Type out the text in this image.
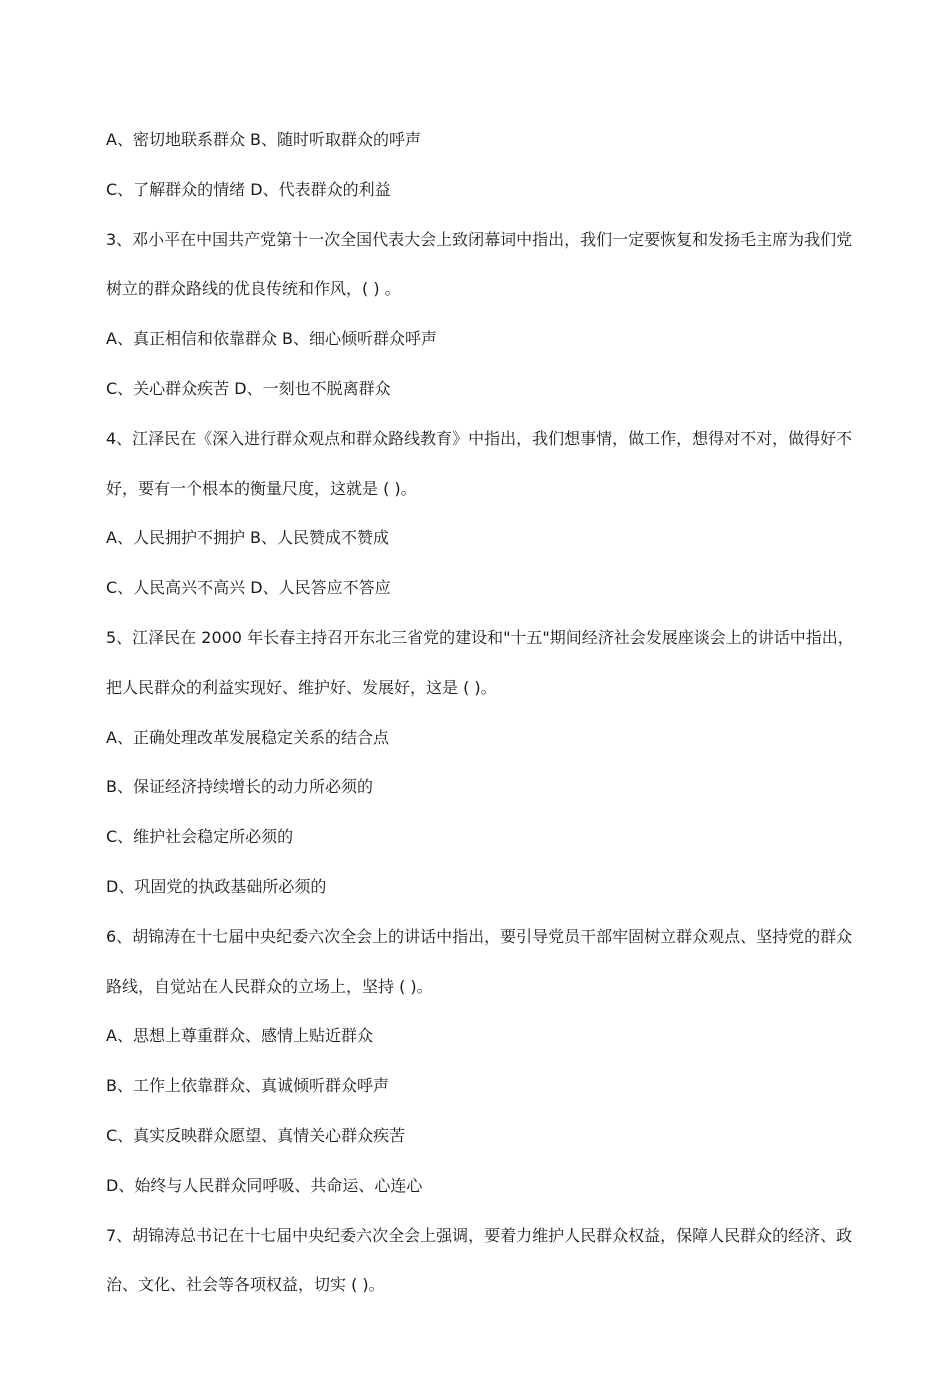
A、密切地联系群众 B、随时听取群众的呼声
C、了解群众的情绪 D、代表群众的利益
3、邓小平在中国共产党第十一次全国代表大会上致闭幕词中指出，我们一定要恢复和发扬毛主席为我们党
树立的群众路线的优良传统和作风，( ) 。
A、真正相信和依靠群众 B、细心倾听群众呼声
C、关心群众疾苦 D、一刻也不脱离群众
4、江泽民在《深入进行群众观点和群众路线教育》中指出，我们想事情，做工作，想得对不对，做得好不
好，要有一个根本的衡量尺度，这就是 ( )。
A、人民拥护不拥护 B、人民赞成不赞成
C、人民高兴不高兴 D、人民答应不答应
5、江泽民在 2000 年长春主持召开东北三省党的建设和"十五"期间经济社会发展座谈会上的讲话中指出，
把人民群众的利益实现好、维护好、发展好，这是 ( )。
A、正确处理改革发展稳定关系的结合点
B、保证经济持续增长的动力所必须的
C、维护社会稳定所必须的
D、巩固党的执政基础所必须的
6、胡锦涛在十七届中央纪委六次全会上的讲话中指出，要引导党员干部牢固树立群众观点、坚持党的群众
路线，自觉站在人民群众的立场上，坚持 ( )。
A、思想上尊重群众、感情上贴近群众
B、工作上依靠群众、真诚倾听群众呼声
C、真实反映群众愿望、真情关心群众疾苦
D、始终与人民群众同呼吸、共命运、心连心
7、胡锦涛总书记在十七届中央纪委六次全会上强调，要着力维护人民群众权益，保障人民群众的经济、政
治、文化、社会等各项权益，切实 ( )。
